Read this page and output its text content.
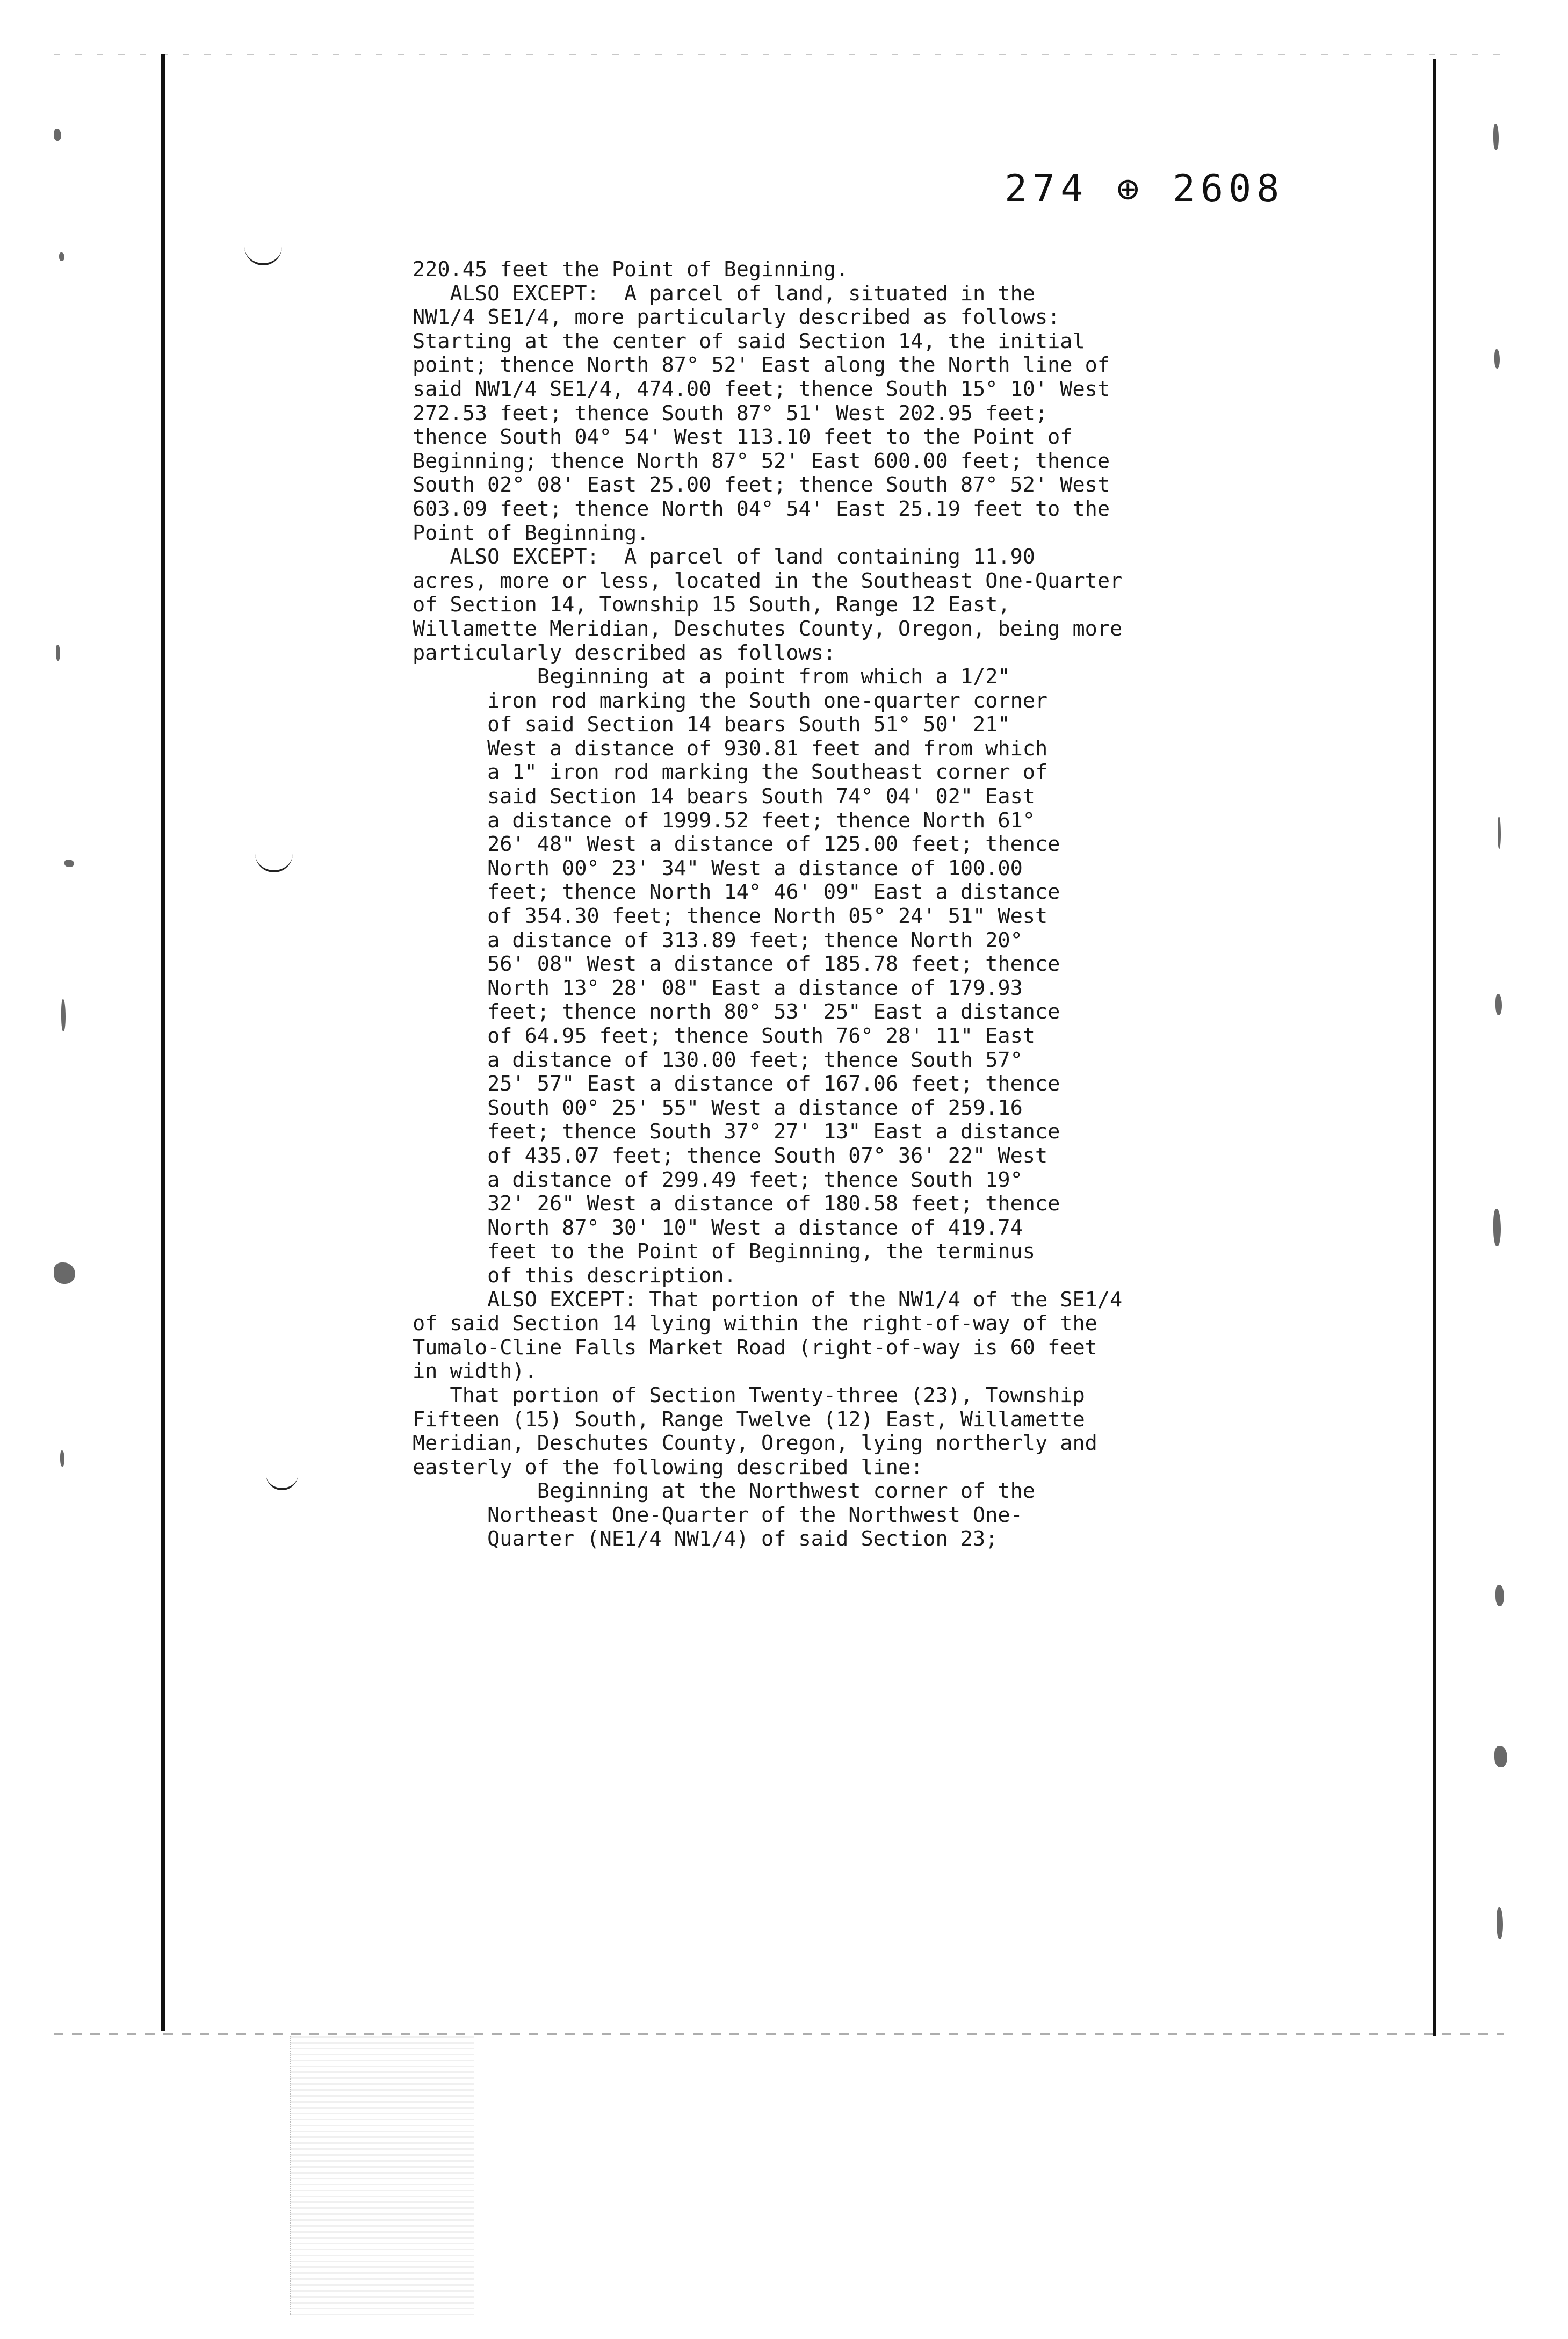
274 ⊕ 2608
220.45 feet the Point of Beginning.
ALSO EXCEPT:  A parcel of land, situated in the
NW1/4 SE1/4, more particularly described as follows:
Starting at the center of said Section 14, the initial
point; thence North 87° 52' East along the North line of
said NW1/4 SE1/4, 474.00 feet; thence South 15° 10' West
272.53 feet; thence South 87° 51' West 202.95 feet;
thence South 04° 54' West 113.10 feet to the Point of
Beginning; thence North 87° 52' East 600.00 feet; thence
South 02° 08' East 25.00 feet; thence South 87° 52' West
603.09 feet; thence North 04° 54' East 25.19 feet to the
Point of Beginning.
ALSO EXCEPT:  A parcel of land containing 11.90
acres, more or less, located in the Southeast One-Quarter
of Section 14, Township 15 South, Range 12 East,
Willamette Meridian, Deschutes County, Oregon, being more
particularly described as follows:
Beginning at a point from which a 1/2"
iron rod marking the South one-quarter corner
of said Section 14 bears South 51° 50' 21"
West a distance of 930.81 feet and from which
a 1" iron rod marking the Southeast corner of
said Section 14 bears South 74° 04' 02" East
a distance of 1999.52 feet; thence North 61°
26' 48" West a distance of 125.00 feet; thence
North 00° 23' 34" West a distance of 100.00
feet; thence North 14° 46' 09" East a distance
of 354.30 feet; thence North 05° 24' 51" West
a distance of 313.89 feet; thence North 20°
56' 08" West a distance of 185.78 feet; thence
North 13° 28' 08" East a distance of 179.93
feet; thence north 80° 53' 25" East a distance
of 64.95 feet; thence South 76° 28' 11" East
a distance of 130.00 feet; thence South 57°
25' 57" East a distance of 167.06 feet; thence
South 00° 25' 55" West a distance of 259.16
feet; thence South 37° 27' 13" East a distance
of 435.07 feet; thence South 07° 36' 22" West
a distance of 299.49 feet; thence South 19°
32' 26" West a distance of 180.58 feet; thence
North 87° 30' 10" West a distance of 419.74
feet to the Point of Beginning, the terminus
of this description.
ALSO EXCEPT: That portion of the NW1/4 of the SE1/4
of said Section 14 lying within the right-of-way of the
Tumalo-Cline Falls Market Road (right-of-way is 60 feet
in width).
That portion of Section Twenty-three (23), Township
Fifteen (15) South, Range Twelve (12) East, Willamette
Meridian, Deschutes County, Oregon, lying northerly and
easterly of the following described line:
Beginning at the Northwest corner of the
Northeast One-Quarter of the Northwest One-
Quarter (NE1/4 NW1/4) of said Section 23;
